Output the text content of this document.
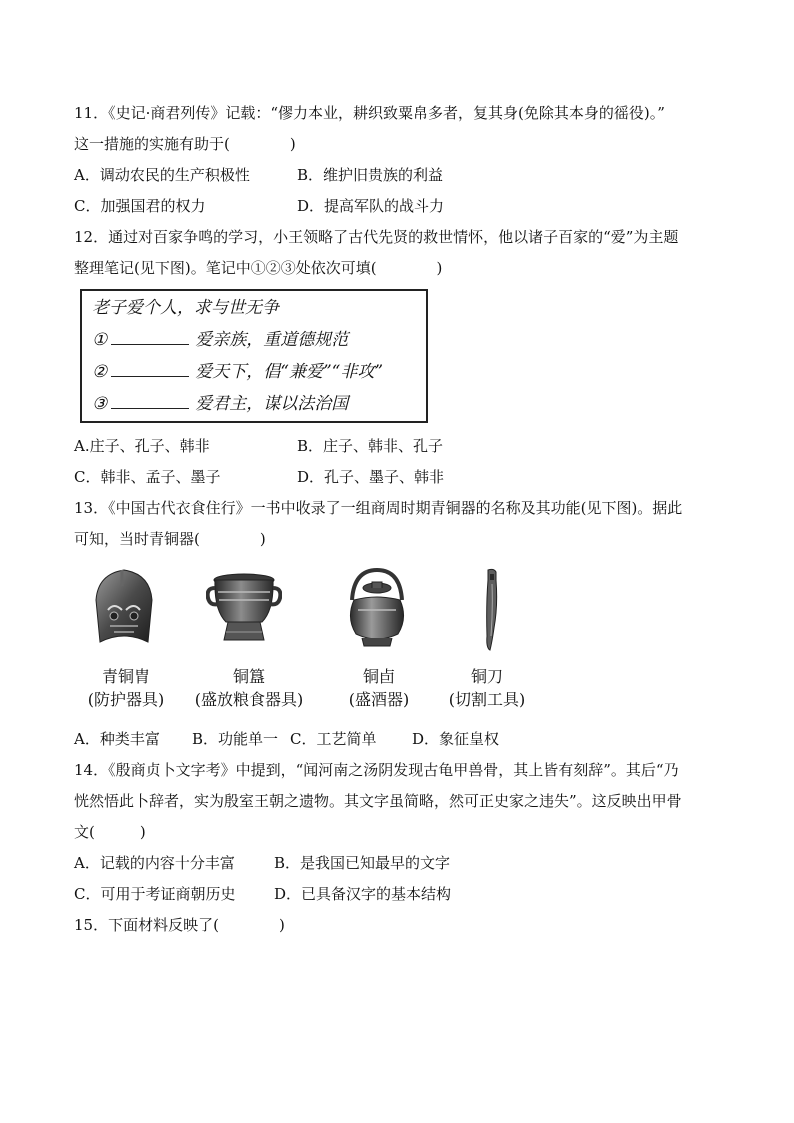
11．《史记·商君列传》记载：“僇力本业，耕织致粟帛多者，复其身(免除其本身的徭役)。”
这一措施的实施有助于(　　　　)
A．调动农民的生产积极性	B．维护旧贵族的利益
C．加强国君的权力	D．提高军队的战斗力
12．通过对百家争鸣的学习，小王领略了古代先贤的救世情怀，他以诸子百家的“爱”为主题
整理笔记(见下图)。笔记中①②③处依次可填(　　　　)
老子爱个人，求与世无争
①	爱亲族，重道德规范
②	爱天下，倡“兼爱”“非攻”
③	爱君主，谋以法治国
A.庄子、孔子、韩非	B．庄子、韩非、孔子
C．韩非、孟子、墨子	D．孔子、墨子、韩非
13．《中国古代衣食住行》一书中收录了一组商周时期青铜器的名称及其功能(见下图)。据此
可知，当时青铜器(　　　　)
青铜胄
(防护器具)
铜簋
(盛放粮食器具)
铜卣
(盛酒器)
铜刀
(切割工具)
A．种类丰富 B．功能单一 C．工艺简单 D．象征皇权
14．《殷商贞卜文字考》中提到，“闻河南之汤阴发现古龟甲兽骨，其上皆有刻辞”。其后“乃
恍然悟此卜辞者，实为殷室王朝之遗物。其文字虽简略，然可正史家之违失”。这反映出甲骨
文(　　　)
A．记载的内容十分丰富	B．是我国已知最早的文字
C．可用于考证商朝历史	D．已具备汉字的基本结构
15．下面材料反映了(　　　　)
